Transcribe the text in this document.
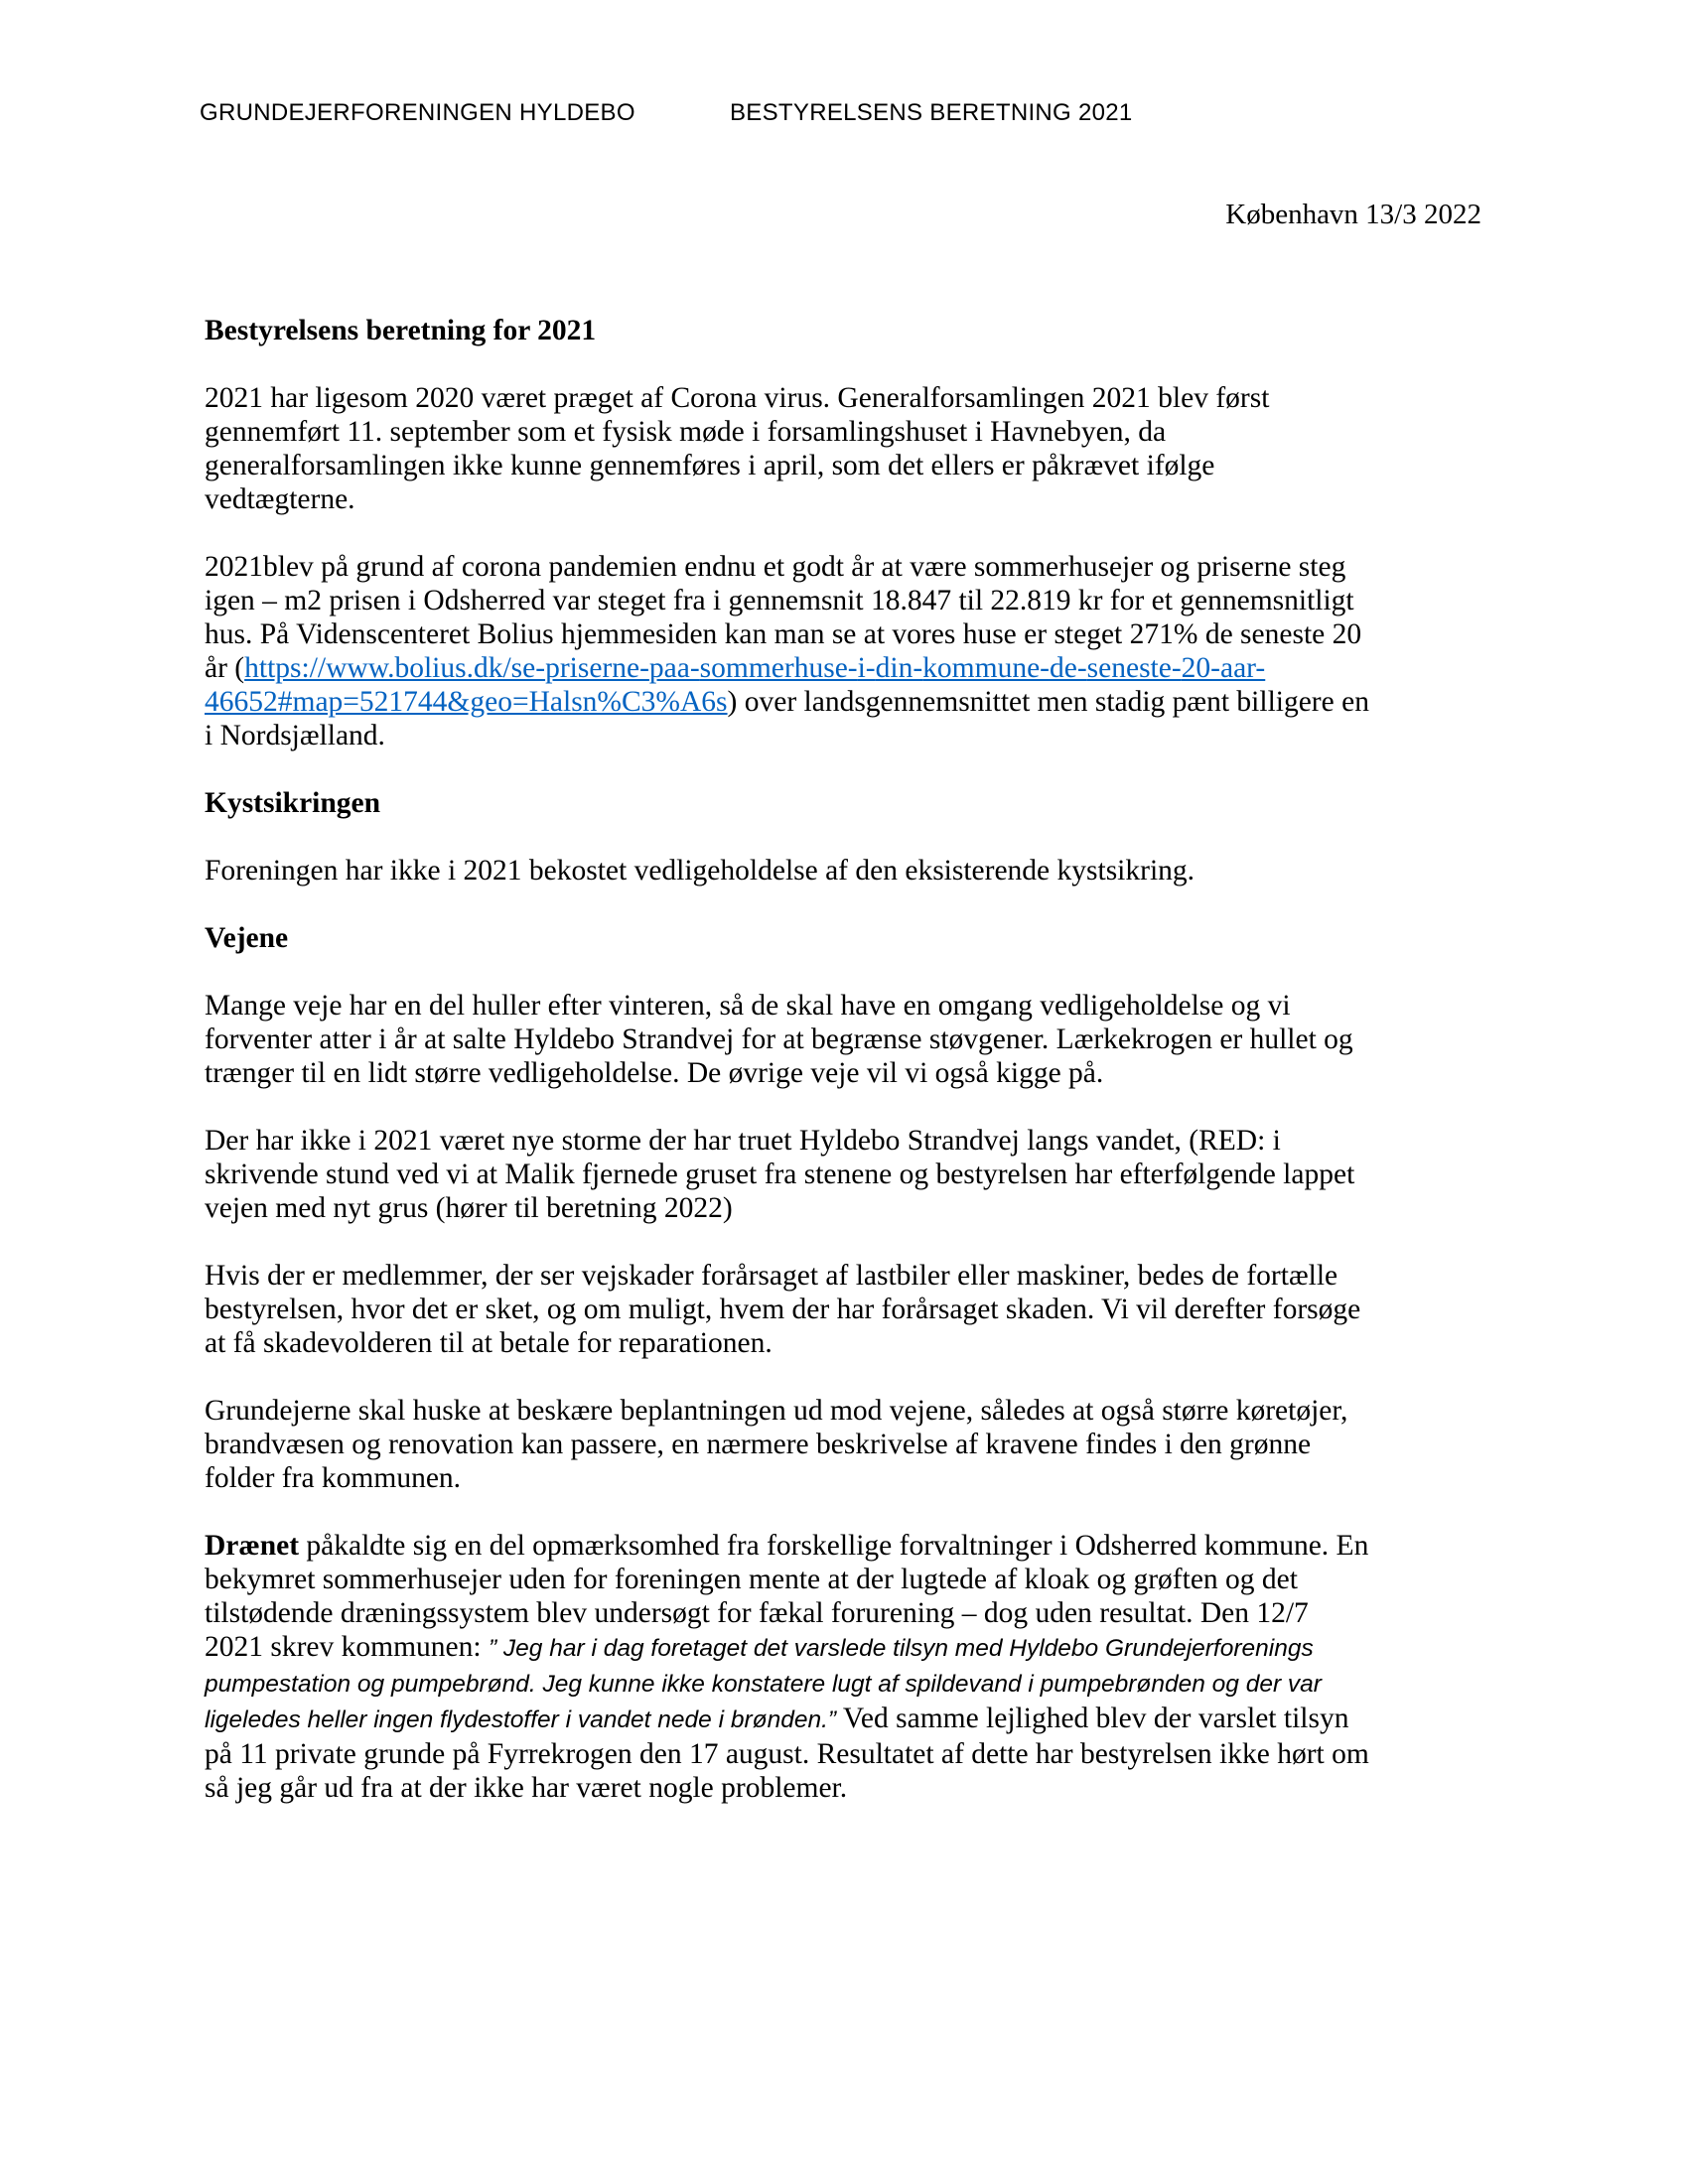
GRUNDEJERFORENINGEN HYLDEBO	BESTYRELSENS BERETNING 2021
København 13/3 2022
Bestyrelsens beretning for 2021

2021 har ligesom 2020 været præget af Corona virus. Generalforsamlingen 2021 blev først gennemført 11. september som et fysisk møde i forsamlingshuset i Havnebyen, da generalforsamlingen ikke kunne gennemføres i april, som det ellers er påkrævet ifølge vedtægterne.

2021blev på grund af corona pandemien endnu et godt år at være sommerhusejer og priserne steg igen – m2 prisen i Odsherred var steget fra i gennemsnit 18.847 til 22.819 kr for et gennemsnitligt hus. På Videnscenteret Bolius hjemmesiden kan man se at vores huse er steget 271% de seneste 20 år (https://www.bolius.dk/se-priserne-paa-sommerhuse-i-din-kommune-de-seneste-20-aar-46652#map=521744&geo=Halsn%C3%A6s) over landsgennemsnittet men stadig pænt billigere en i Nordsjælland.

Kystsikringen

Foreningen har ikke i 2021 bekostet vedligeholdelse af den eksisterende kystsikring.

Vejene

Mange veje har en del huller efter vinteren, så de skal have en omgang vedligeholdelse og vi forventer atter i år at salte Hyldebo Strandvej for at begrænse støvgener. Lærkekrogen er hullet og trænger til en lidt større vedligeholdelse. De øvrige veje vil vi også kigge på.

Der har ikke i 2021 været nye storme der har truet Hyldebo Strandvej langs vandet, (RED: i skrivende stund ved vi at Malik fjernede gruset fra stenene og bestyrelsen har efterfølgende lappet vejen med nyt grus (hører til beretning 2022)

Hvis der er medlemmer, der ser vejskader forårsaget af lastbiler eller maskiner, bedes de fortælle bestyrelsen, hvor det er sket, og om muligt, hvem der har forårsaget skaden. Vi vil derefter forsøge at få skadevolderen til at betale for reparationen.

Grundejerne skal huske at beskære beplantningen ud mod vejene, således at også større køretøjer, brandvæsen og renovation kan passere, en nærmere beskrivelse af kravene findes i den grønne folder fra kommunen.

Drænet påkaldte sig en del opmærksomhed fra forskellige forvaltninger i Odsherred kommune. En bekymret sommerhusejer uden for foreningen mente at der lugtede af kloak og grøften og det tilstødende dræningssystem blev undersøgt for fækal forurening – dog uden resultat. Den 12/7 2021 skrev kommunen: ” Jeg har i dag foretaget det varslede tilsyn med Hyldebo Grundejerforenings pumpestation og pumpebrønd. Jeg kunne ikke konstatere lugt af spildevand i pumpebrønden og der var ligeledes heller ingen flydestoffer i vandet nede i brønden.” Ved samme lejlighed blev der varslet tilsyn på 11 private grunde på Fyrrekrogen den 17 august. Resultatet af dette har bestyrelsen ikke hørt om så jeg går ud fra at der ikke har været nogle problemer.
